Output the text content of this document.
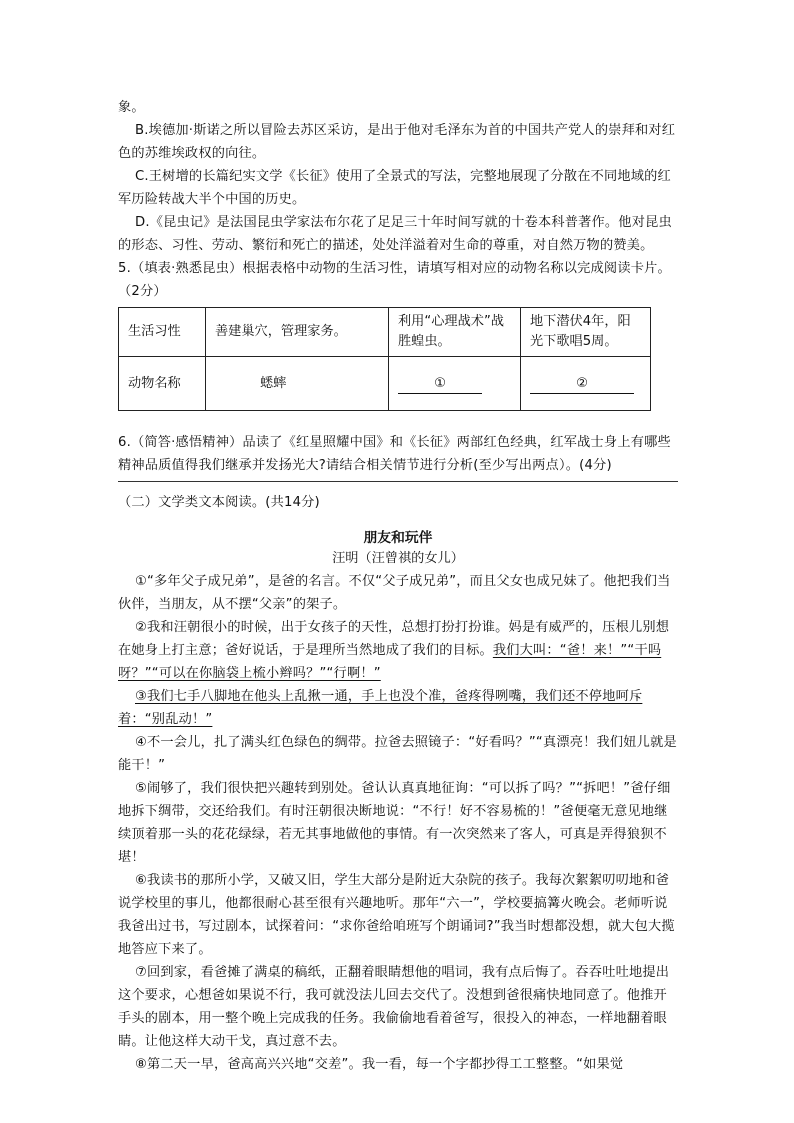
象。

B.埃德加·斯诺之所以冒险去苏区采访，是出于他对毛泽东为首的中国共产党人的崇拜和对红色的苏维埃政权的向往。

C.王树增的长篇纪实文学《长征》使用了全景式的写法，完整地展现了分散在不同地域的红军历险转战大半个中国的历史。

D.《昆虫记》是法国昆虫学家法布尔花了足足三十年时间写就的十卷本科普著作。他对昆虫的形态、习性、劳动、繁衍和死亡的描述，处处洋溢着对生命的尊重，对自然万物的赞美。

5.（填表·熟悉昆虫）根据表格中动物的生活习性，请填写相对应的动物名称以完成阅读卡片。（2分）

生活习性	善建巢穴，管理家务。	利用“心理战术”战胜蝗虫。	地下潜伏4年，阳光下歌唱5周。
动物名称	蟋蟀	①	②

6.（简答·感悟精神）品读了《红星照耀中国》和《长征》两部红色经典，红军战士身上有哪些精神品质值得我们继承并发扬光大?请结合相关情节进行分析(至少写出两点）。(4分)

（二）文学类文本阅读。(共14分)

朋友和玩伴
汪明（汪曾祺的女儿）

①“多年父子成兄弟”，是爸的名言。不仅“父子成兄弟”，而且父女也成兄妹了。他把我们当伙伴，当朋友，从不摆“父亲”的架子。

②我和汪朝很小的时候，出于女孩子的天性，总想打扮打扮谁。妈是有威严的，压根儿别想在她身上打主意；爸好说话，于是理所当然地成了我们的目标。我们大叫：“爸！来！”“干吗呀？”“可以在你脑袋上梳小辫吗？”“行啊！”

③我们七手八脚地在他头上乱揪一通，手上也没个准，爸疼得咧嘴，我们还不停地呵斥着：“别乱动！”

④不一会儿，扎了满头红色绿色的绸带。拉爸去照镜子：“好看吗？”“真漂亮！我们妞儿就是能干！”

⑤闹够了，我们很快把兴趣转到别处。爸认认真真地征询：“可以拆了吗？”“拆吧！”爸仔细地拆下绸带，交还给我们。有时汪朝很决断地说：“不行！好不容易梳的！”爸便毫无意见地继续顶着那一头的花花绿绿，若无其事地做他的事情。有一次突然来了客人，可真是弄得狼狈不堪！

⑥我读书的那所小学，又破又旧，学生大部分是附近大杂院的孩子。我每次絮絮叨叨地和爸说学校里的事儿，他都很耐心甚至很有兴趣地听。那年“六一”，学校要搞篝火晚会。老师听说我爸出过书，写过剧本，试探着问：“求你爸给咱班写个朗诵词?”我当时想都没想，就大包大揽地答应下来了。

⑦回到家，看爸摊了满桌的稿纸，正翻着眼睛想他的唱词，我有点后悔了。吞吞吐吐地提出这个要求，心想爸如果说不行，我可就没法儿回去交代了。没想到爸很痛快地同意了。他推开手头的剧本，用一整个晚上完成我的任务。我偷偷地看着爸写，很投入的神态，一样地翻着眼睛。让他这样大动干戈，真过意不去。

⑧第二天一早，爸高高兴兴地“交差”。我一看，每一个字都抄得工工整整。“如果觉
